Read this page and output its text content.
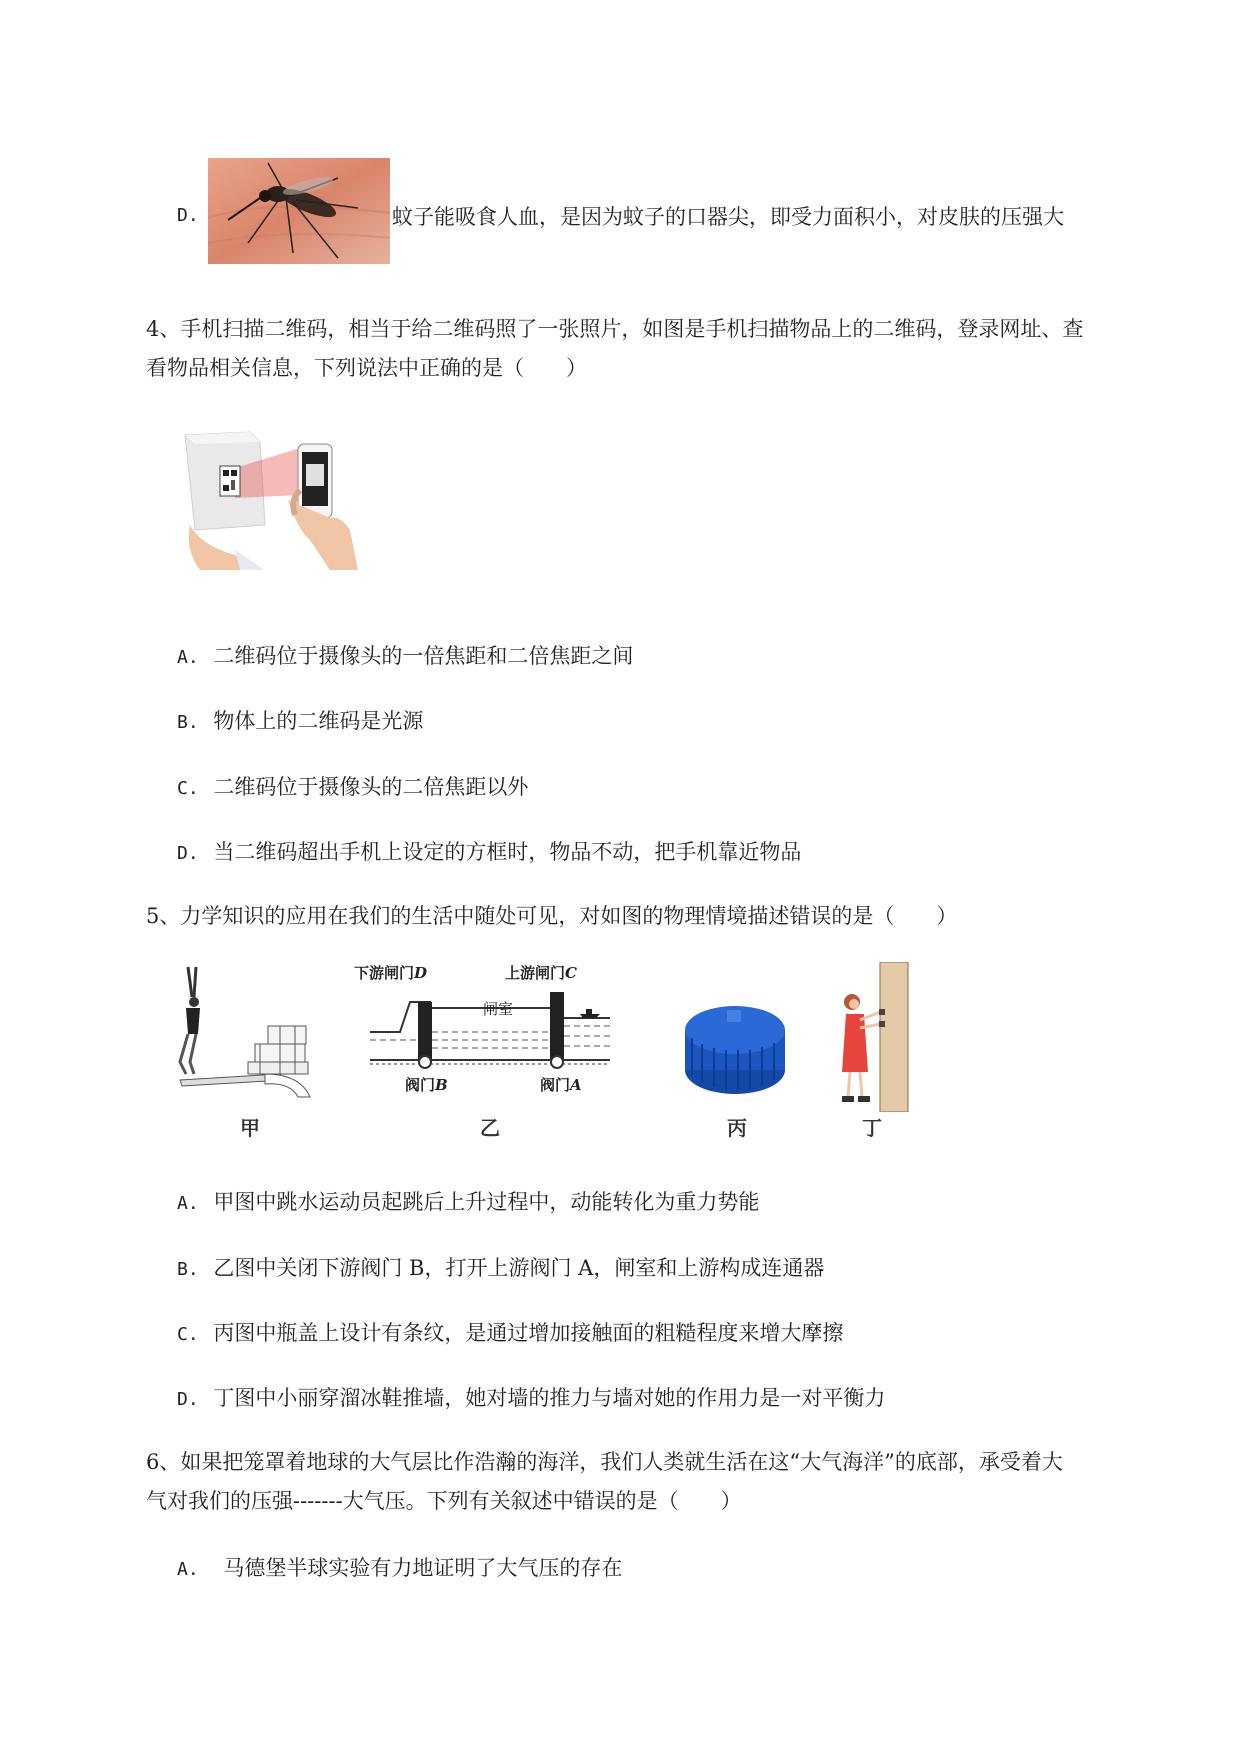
D.	蚊子能吸食人血，是因为蚊子的口器尖，即受力面积小，对皮肤的压强大
4、手机扫描二维码，相当于给二维码照了一张照片，如图是手机扫描物品上的二维码，登录网址、查
看物品相关信息，下列说法中正确的是（　　）
A. 二维码位于摄像头的一倍焦距和二倍焦距之间
B. 物体上的二维码是光源
C. 二维码位于摄像头的二倍焦距以外
D. 当二维码超出手机上设定的方框时，物品不动，把手机靠近物品
5、力学知识的应用在我们的生活中随处可见，对如图的物理情境描述错误的是（　　）
甲
下游闸门D	上游闸门C
闸室
阀门B	阀门A
乙	丙	丁
A. 甲图中跳水运动员起跳后上升过程中，动能转化为重力势能
B. 乙图中关闭下游阀门 B，打开上游阀门 A，闸室和上游构成连通器
C. 丙图中瓶盖上设计有条纹，是通过增加接触面的粗糙程度来增大摩擦
D. 丁图中小丽穿溜冰鞋推墙，她对墙的推力与墙对她的作用力是一对平衡力
6、如果把笼罩着地球的大气层比作浩瀚的海洋，我们人类就生活在这“大气海洋”的底部，承受着大
气对我们的压强-------大气压。下列有关叙述中错误的是（　　）
A. 马德堡半球实验有力地证明了大气压的存在
